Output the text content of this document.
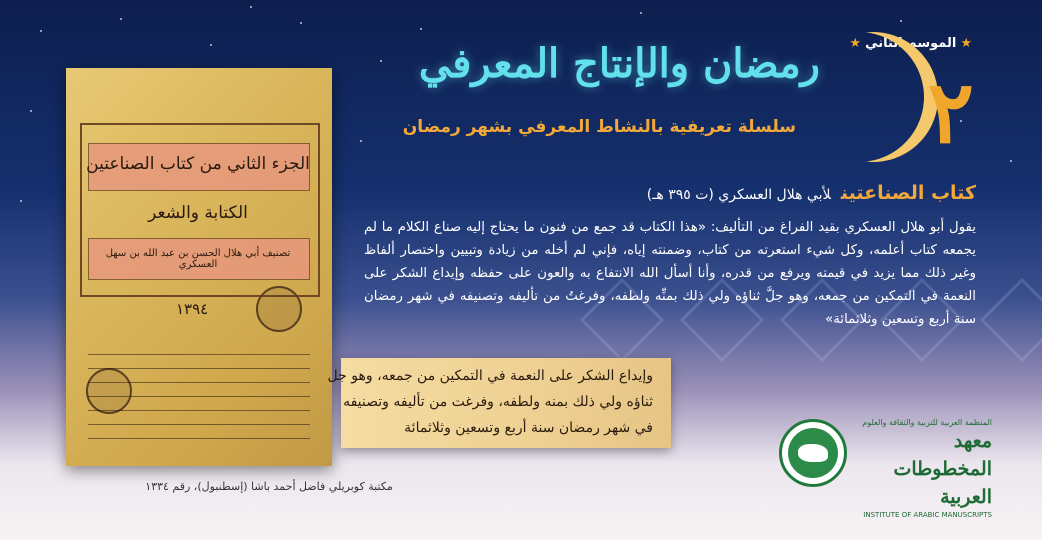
★الموسم الثاني★
٢
رمضان والإنتاج المعرفي
سلسلة تعريفية بالنشاط المعرفي بشهر رمضان
الجزء الثاني من كتاب الصناعتين
الكتابة والشعر
تصنيف أبي هلال الحسن بن عبد الله بن سهل العسكري
١٣٩٤
وإيداع الشكر على النعمة في التمكين من جمعه، وهو جل
ثناؤه ولي ذلك بمنه ولطفه، وفرغت من تأليفه وتصنيفه
في شهر رمضان سنة أربع وتسعين وثلاثمائة
مكتبة كوبريلي فاضل أحمد باشا (إسطنبول)، رقم ١٣٣٤
كتاب الصناعتينلأبي هلال العسكري (ت ٣٩٥ هـ)
يقول أبو هلال العسكري بقيد الفراغ من التأليف: «هذا الكتاب قد جمع من فنون ما يحتاج إليه صناع الكلام ما لم يجمعه كتاب أعلمه، وكل شيء استعرته من كتاب، وضمنته إياه، فإني لم أخله من زيادة وتبيين واختصار ألفاظ وغير ذلك مما يزيد في قيمته ويرفع من قدره، وأنا أسأل الله الانتفاع به والعون على حفظه وإيداع الشكر على النعمة في التمكين من جمعه، وهو جلَّ ثناؤه ولي ذلك بمنِّه ولطفه، وفرغتُ من تأليفه وتصنيفه في شهر رمضان سنة أربع وتسعين وثلاثمائة»
المنظمة العربية للتربية والثقافة والعلوم
معهد المخطوطات العربية
INSTITUTE OF ARABIC MANUSCRIPTS
